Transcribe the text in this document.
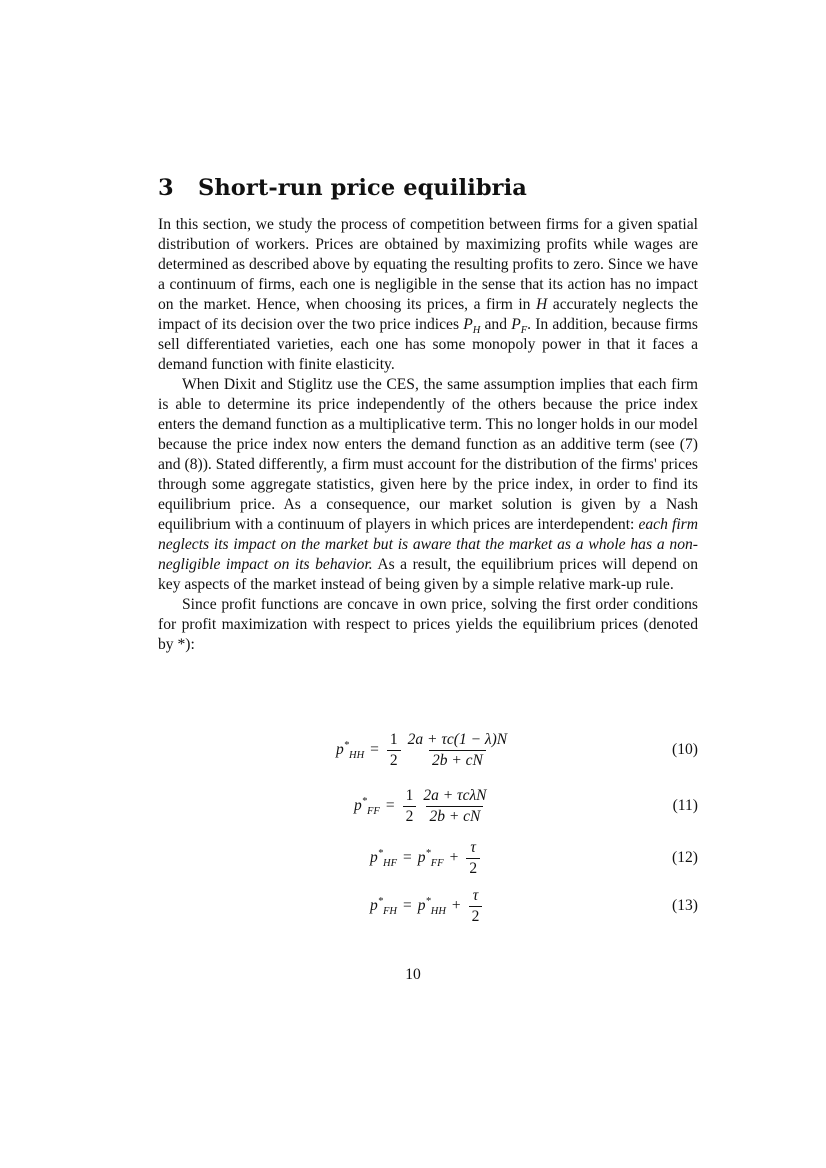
3 Short-run price equilibria

In this section, we study the process of competition between firms for a given spatial distribution of workers. Prices are obtained by maximizing profits while wages are determined as described above by equating the resulting profits to zero. Since we have a continuum of firms, each one is negligible in the sense that its action has no impact on the market. Hence, when choosing its prices, a firm in H accurately neglects the impact of its decision over the two price indices $P_H$ and $P_F$. In addition, because firms sell differentiated varieties, each one has some monopoly power in that it faces a demand function with finite elasticity.

When Dixit and Stiglitz use the CES, the same assumption implies that each firm is able to determine its price independently of the others because the price index enters the demand function as a multiplicative term. This no longer holds in our model because the price index now enters the demand function as an additive term (see (7) and (8)). Stated differently, a firm must account for the distribution of the firms' prices through some aggregate statistics, given here by the price index, in order to find its equilibrium price. As a consequence, our market solution is given by a Nash equilibrium with a continuum of players in which prices are interdependent: each firm neglects its impact on the market but is aware that the market as a whole has a non-negligible impact on its behavior. As a result, the equilibrium prices will depend on key aspects of the market instead of being given by a simple relative mark-up rule.

Since profit functions are concave in own price, solving the first order conditions for profit maximization with respect to prices yields the equilibrium prices (denoted by *):

$p^*_{HH} = \frac{1}{2} \frac{2a + \tau c(1 - \lambda)N}{2b + cN}$	(10)
$p^*_{FF} = \frac{1}{2} \frac{\text{2a + τcλN}}{2b + cN}$	(11)
$p^*_{HF} = p^*_{FF} + \frac{\tau}{2}$	(12)
$p^*_{FH} = p^*_{HH} + \frac{\tau}{2}$	(13)
10
